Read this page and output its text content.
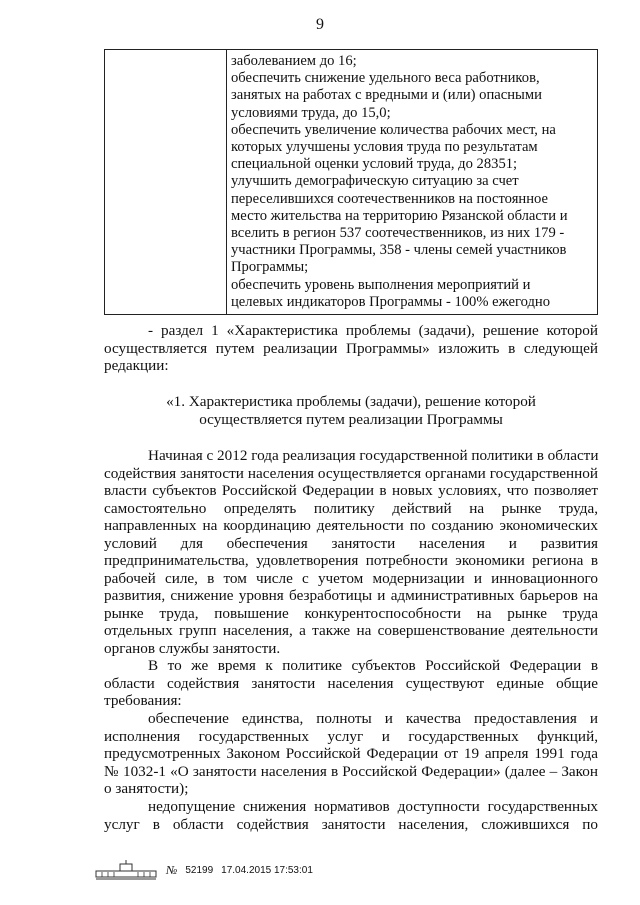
9
заболеванием до 16;
обеспечить снижение удельного веса работников,
занятых на работах с вредными и (или) опасными
условиями труда, до 15,0;
обеспечить увеличение количества рабочих мест, на
которых улучшены условия труда по результатам
специальной оценки условий труда, до 28351;
улучшить демографическую ситуацию за счет
переселившихся соотечественников на постоянное
место жительства на территорию Рязанской области и
вселить в регион 537 соотечественников, из них 179 -
участники Программы, 358 - члены семей участников
Программы;
обеспечить уровень выполнения мероприятий и
целевых индикаторов Программы - 100% ежегодно
- раздел 1 «Характеристика проблемы (задачи), решение которой
осуществляется путем реализации Программы» изложить в следующей
редакции:
«1. Характеристика проблемы (задачи), решение которой
осуществляется путем реализации Программы
Начиная с 2012 года реализация государственной политики в области
содействия занятости населения осуществляется органами государственной
власти субъектов Российской Федерации в новых условиях, что позволяет
самостоятельно определять политику действий на рынке труда,
направленных на координацию деятельности по созданию экономических
условий для обеспечения занятости населения и развития
предпринимательства, удовлетворения потребности экономики региона в
рабочей силе, в том числе с учетом модернизации и инновационного
развития, снижение уровня безработицы и административных барьеров на
рынке труда, повышение конкурентоспособности на рынке труда
отдельных групп населения, а также на совершенствование деятельности
органов службы занятости.
В то же время к политике субъектов Российской Федерации в
области содействия занятости населения существуют единые общие
требования:
обеспечение единства, полноты и качества предоставления и
исполнения государственных услуг и государственных функций,
предусмотренных Законом Российской Федерации от 19 апреля 1991 года
№ 1032-1 «О занятости населения в Российской Федерации» (далее – Закон
о занятости);
недопущение снижения нормативов доступности государственных
услуг в области содействия занятости населения, сложившихся по
№ 52199 17.04.2015 17:53:01
